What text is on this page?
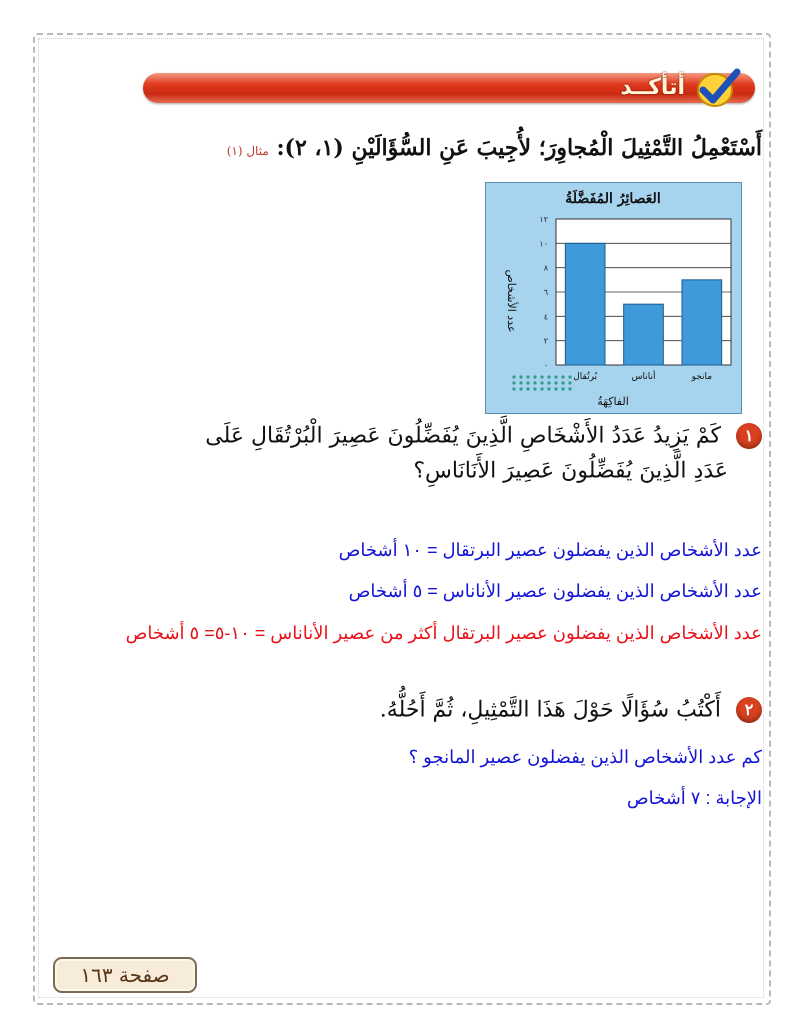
أتأكــد
أَسْتَعْمِلُ التَّمْثِيلَ الْمُجاوِرَ؛ لأُجِيبَ عَنِ السُّؤَالَيْنِ (١، ٢): مثال (١)
العَصائِرُ المُفَضَّلَةُ
الفاكِهَةُ
عدد الأشخاص
٠
٢
٤
٦
٨
١٠
١٢
بُرتُقال	أناناس	مانجو
١ كَمْ يَزِيدُ عَدَدُ الأَشْخَاصِ الَّذِينَ يُفَضِّلُونَ عَصِيرَ الْبُرْتُقَالِ عَلَى
عَدَدِ الَّذِينَ يُفَضِّلُونَ عَصِيرَ الأَنَانَاسِ؟
عدد الأشخاص الذين يفضلون عصير البرتقال = ١٠ أشخاص
عدد الأشخاص الذين يفضلون عصير الأناناس = ٥ أشخاص
عدد الأشخاص الذين يفضلون عصير البرتقال أكثر من عصير الأناناس = ١٠-٥= ٥ أشخاص
٢ أَكْتُبُ سُؤَالًا حَوْلَ هَذَا التَّمْثِيلِ، ثُمَّ أَحُلُّهُ.
كم عدد الأشخاص الذين يفضلون عصير المانجو ؟
الإجابة : ٧ أشخاص
صفحة ١٦٣
